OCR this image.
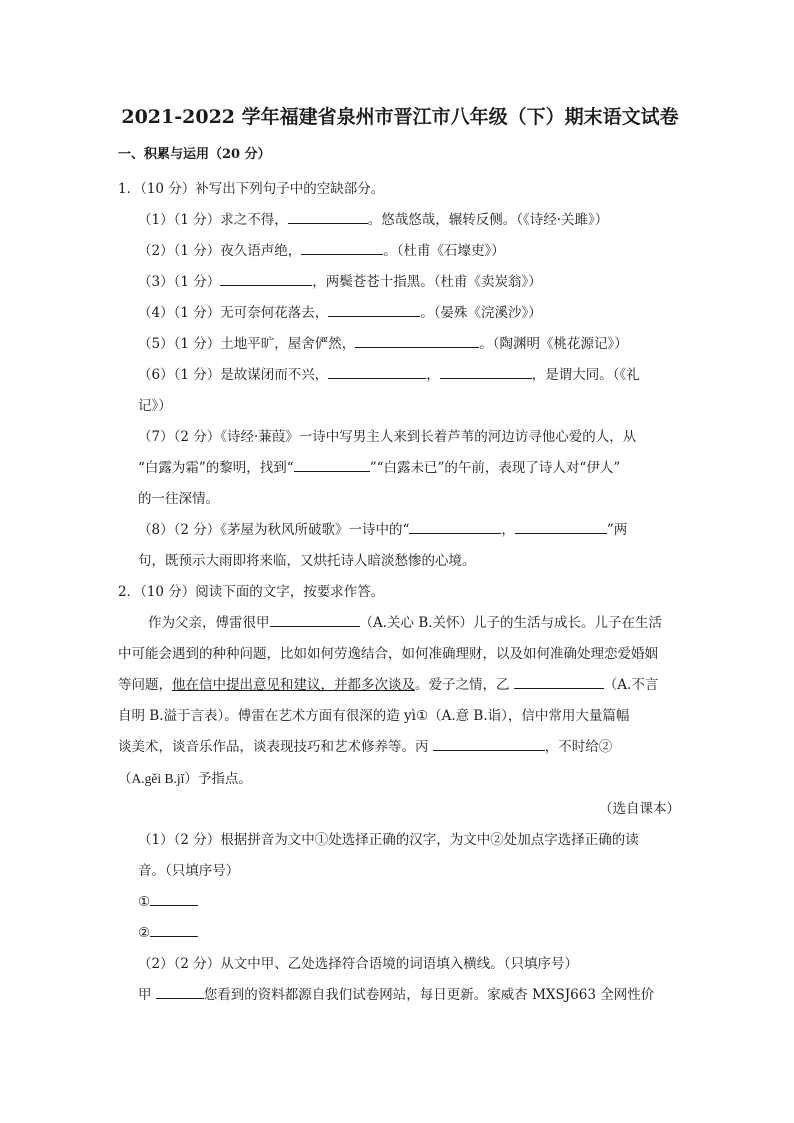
2021-2022 学年福建省泉州市晋江市八年级（下）期末语文试卷
一、积累与运用（20 分）
1．（10 分）补写出下列句子中的空缺部分。
（1）（1 分）求之不得，	。悠哉悠哉，辗转反侧。（《诗经·关雎》）
（2）（1 分）夜久语声绝，	。（杜甫《石壕吏》）
（3）（1 分）	，两鬓苍苍十指黑。（杜甫《卖炭翁》）
（4）（1 分）无可奈何花落去，	。（晏殊《浣溪沙》）
（5）（1 分）土地平旷，屋舍俨然，	。（陶渊明《桃花源记》）
（6）（1 分）是故谋闭而不兴，	，	，是谓大同。（《礼
记》）
（7）（2 分）《诗经·蒹葭》一诗中写男主人来到长着芦苇的河边访寻他心爱的人，从
“白露为霜”的黎明，找到“	”“白露未已”的午前，表现了诗人对“伊人”
的一往深情。
（8）（2 分）《茅屋为秋风所破歌》一诗中的“	，	”两
句，既预示大雨即将来临，又烘托诗人暗淡愁惨的心境。
2．（10 分）阅读下面的文字，按要求作答。
作为父亲，傅雷很甲	（A.关心 B.关怀）儿子的生活与成长。儿子在生活
中可能会遇到的种种问题，比如如何劳逸结合，如何准确理财，以及如何准确处理恋爱婚姻
等问题，他在信中提出意见和建议，并都多次谈及。爱子之情，乙	（A.不言
自明 B.溢于言表）。傅雷在艺术方面有很深的造 yì①（A.意 B.诣），信中常用大量篇幅
谈美术，谈音乐作品，谈表现技巧和艺术修养等。丙	，不时给②
（A.gěi B.jǐ）予指点。
（选自课本）
（1）（2 分）根据拼音为文中①处选择正确的汉字，为文中②处加点字选择正确的读
音。（只填序号）
①
②
（2）（2 分）从文中甲、乙处选择符合语境的词语填入横线。（只填序号）
甲	您看到的资料都源自我们试卷网站，每日更新。家威杏 MXSJ663 全网性价
